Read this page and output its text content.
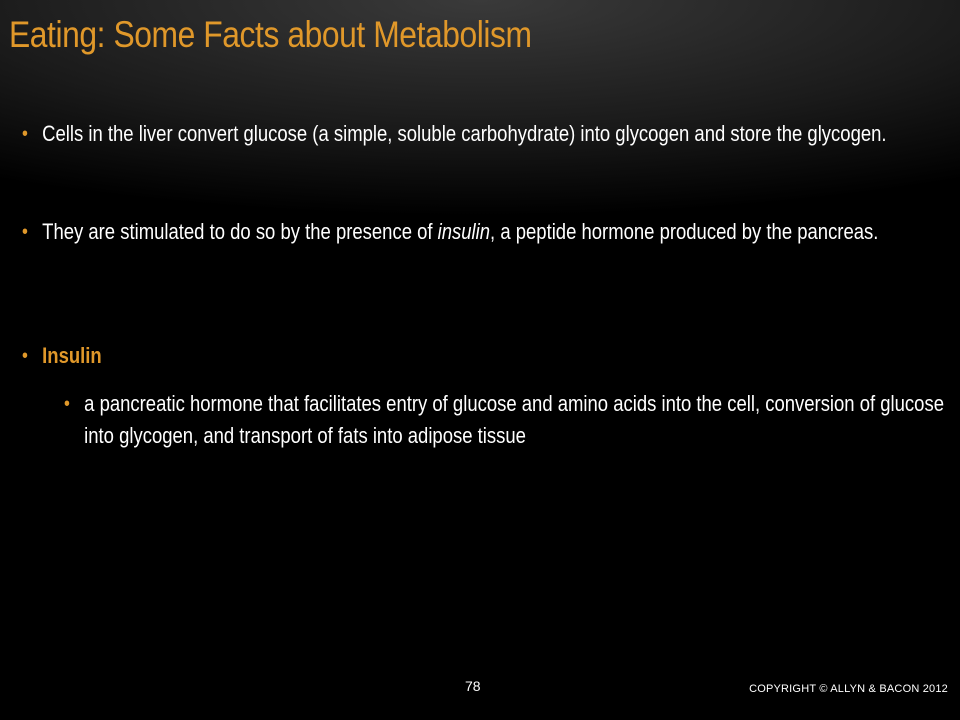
Eating: Some Facts about Metabolism
• Cells in the liver convert glucose (a simple, soluble carbohydrate) into glycogen and store the glycogen.
• They are stimulated to do so by the presence of insulin, a peptide hormone produced by the pancreas.
• Insulin
• a pancreatic hormone that facilitates entry of glucose and amino acids into the cell, conversion of glucose into glycogen, and transport of fats into adipose tissue
78	COPYRIGHT © ALLYN & BACON 2012
